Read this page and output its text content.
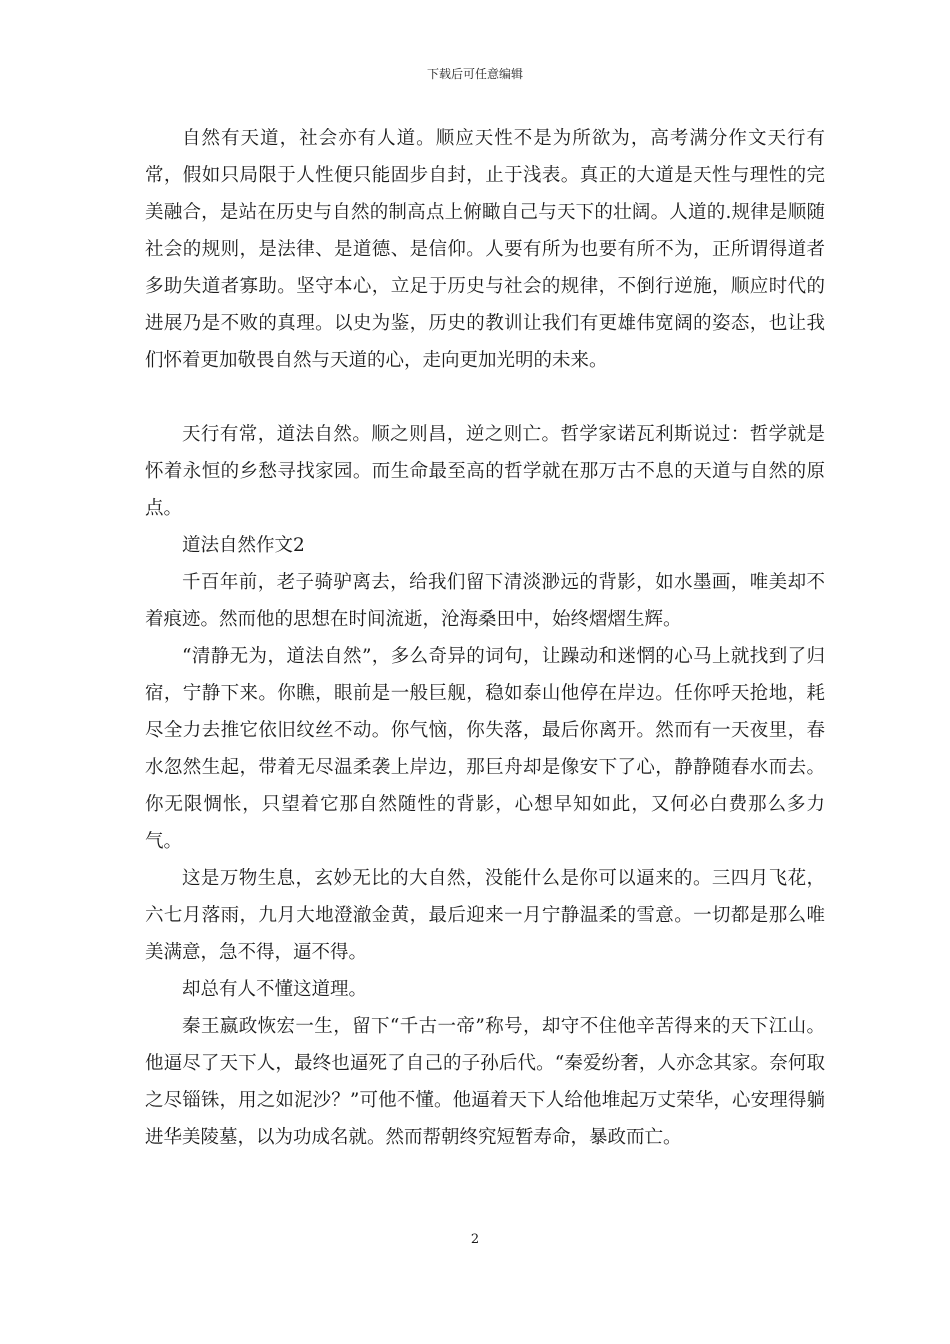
下载后可任意编辑

自然有天道，社会亦有人道。顺应天性不是为所欲为，高考满分作文天行有常，假如只局限于人性便只能固步自封，止于浅表。真正的大道是天性与理性的完美融合，是站在历史与自然的制高点上俯瞰自己与天下的壮阔。人道的.规律是顺随社会的规则，是法律、是道德、是信仰。人要有所为也要有所不为，正所谓得道者多助失道者寡助。坚守本心，立足于历史与社会的规律，不倒行逆施，顺应时代的进展乃是不败的真理。以史为鉴，历史的教训让我们有更雄伟宽阔的姿态，也让我们怀着更加敬畏自然与天道的心，走向更加光明的未来。

天行有常，道法自然。顺之则昌，逆之则亡。哲学家诺瓦利斯说过：哲学就是怀着永恒的乡愁寻找家园。而生命最至高的哲学就在那万古不息的天道与自然的原点。

道法自然作文2

千百年前，老子骑驴离去，给我们留下清淡渺远的背影，如水墨画，唯美却不着痕迹。然而他的思想在时间流逝，沧海桑田中，始终熠熠生辉。

“清静无为，道法自然”，多么奇异的词句，让躁动和迷惘的心马上就找到了归宿，宁静下来。你瞧，眼前是一般巨舰，稳如泰山他停在岸边。任你呼天抢地，耗尽全力去推它依旧纹丝不动。你气恼，你失落，最后你离开。然而有一天夜里，春水忽然生起，带着无尽温柔袭上岸边，那巨舟却是像安下了心，静静随春水而去。你无限惆怅，只望着它那自然随性的背影，心想早知如此，又何必白费那么多力气。

这是万物生息，玄妙无比的大自然，没能什么是你可以逼来的。三四月飞花，六七月落雨，九月大地澄澈金黄，最后迎来一月宁静温柔的雪意。一切都是那么唯美满意，急不得，逼不得。

却总有人不懂这道理。

秦王嬴政恢宏一生，留下“千古一帝”称号，却守不住他辛苦得来的天下江山。他逼尽了天下人，最终也逼死了自己的子孙后代。“秦爱纷奢，人亦念其家。奈何取之尽锱铢，用之如泥沙？”可他不懂。他逼着天下人给他堆起万丈荣华，心安理得躺进华美陵墓，以为功成名就。然而帮朝终究短暂寿命，暴政而亡。

2
